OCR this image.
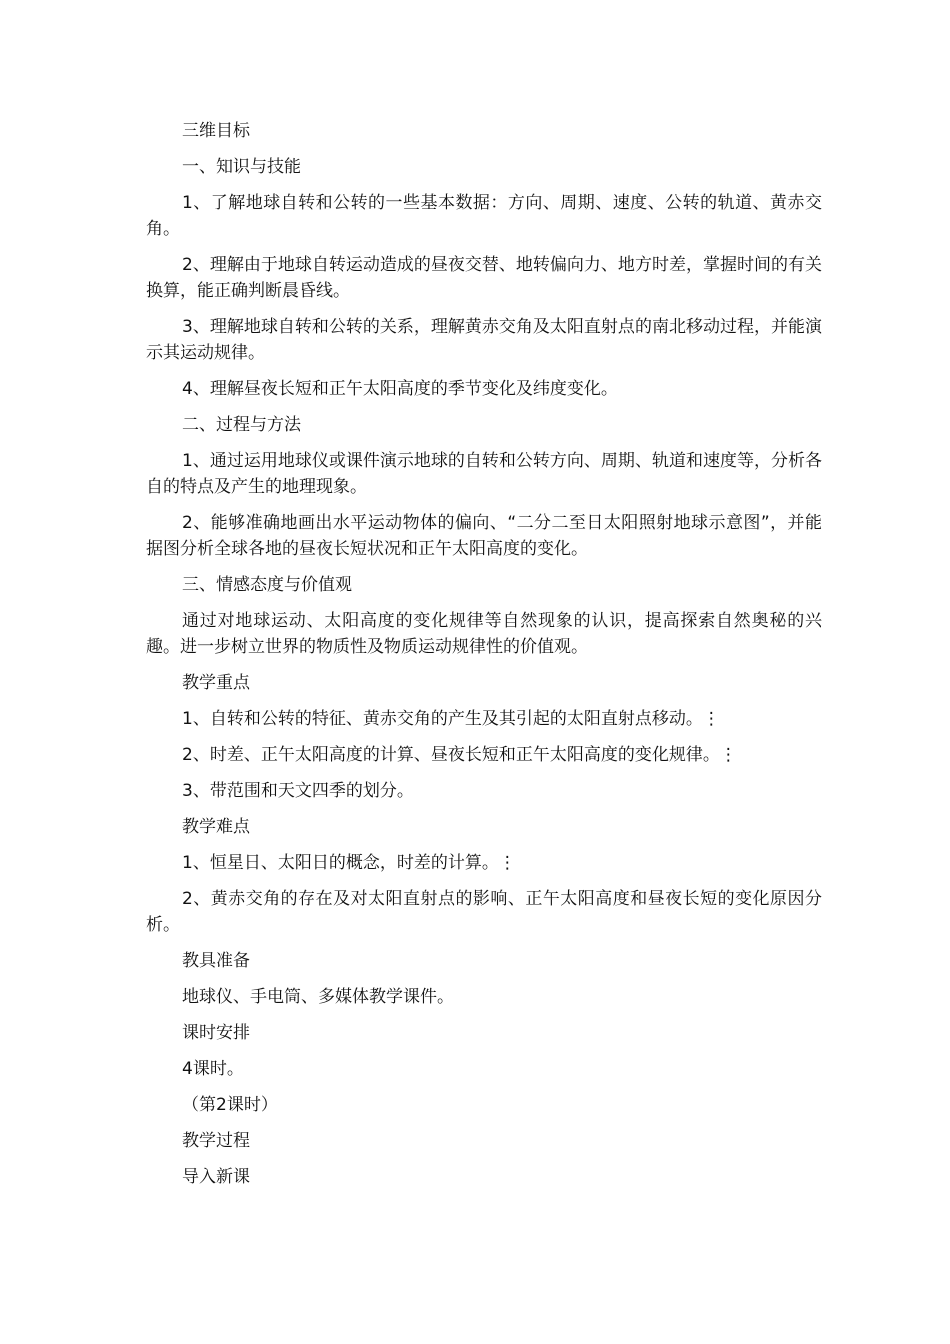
三维目标

一、知识与技能

1、了解地球自转和公转的一些基本数据：方向、周期、速度、公转的轨道、黄赤交角。

2、理解由于地球自转运动造成的昼夜交替、地转偏向力、地方时差，掌握时间的有关换算，能正确判断晨昏线。

3、理解地球自转和公转的关系，理解黄赤交角及太阳直射点的南北移动过程，并能演示其运动规律。

4、理解昼夜长短和正午太阳高度的季节变化及纬度变化。

二、过程与方法

1、通过运用地球仪或课件演示地球的自转和公转方向、周期、轨道和速度等，分析各自的特点及产生的地理现象。

2、能够准确地画出水平运动物体的偏向、“二分二至日太阳照射地球示意图”，并能据图分析全球各地的昼夜长短状况和正午太阳高度的变化。

三、情感态度与价值观

通过对地球运动、太阳高度的变化规律等自然现象的认识，提高探索自然奥秘的兴趣。进一步树立世界的物质性及物质运动规律性的价值观。

教学重点

1、自转和公转的特征、黄赤交角的产生及其引起的太阳直射点移动。⋮

2、时差、正午太阳高度的计算、昼夜长短和正午太阳高度的变化规律。⋮

3、带范围和天文四季的划分。

教学难点

1、恒星日、太阳日的概念，时差的计算。⋮

2、黄赤交角的存在及对太阳直射点的影响、正午太阳高度和昼夜长短的变化原因分析。

教具准备

地球仪、手电筒、多媒体教学课件。

课时安排

4课时。

（第2课时）

教学过程

导入新课
